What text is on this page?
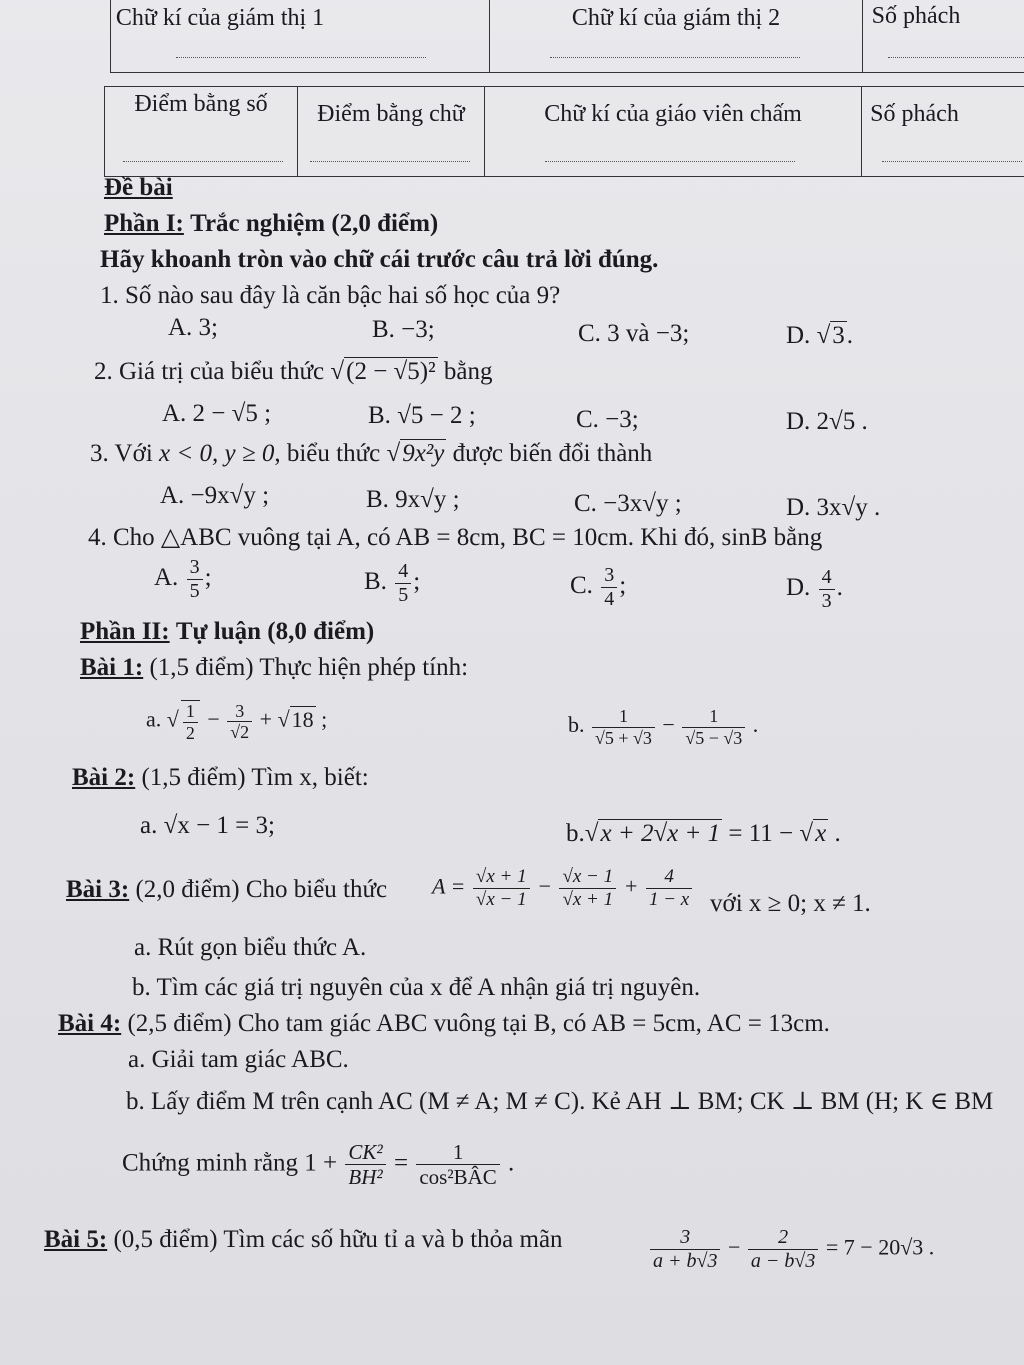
Chữ kí của giám thị 1	Chữ kí của giám thị 2	Số phách
Điểm bằng số	Điểm bằng chữ	Chữ kí của giáo viên chấm	Số phách
Đề bài
Phần I: Trắc nghiệm (2,0 điểm)
Hãy khoanh tròn vào chữ cái trước câu trả lời đúng.
1. Số nào sau đây là căn bậc hai số học của 9?
A. 3;	B. −3;	C. 3 và −3;	D. √3.
2. Giá trị của biểu thức √(2 − √5)² bằng
A. 2 − √5 ;	B. √5 − 2 ;	C. −3;	D. 2√5 .
3. Với x < 0, y ≥ 0, biểu thức √9x²y được biến đổi thành
A. −9x√y ;	B. 9x√y ;	C. −3x√y ;	D. 3x√y .
4. Cho △ABC vuông tại A, có AB = 8cm, BC = 10cm. Khi đó, sinB bằng
A. $\frac{3}{5}$ ;	B. $\frac{4}{5}$ ;	C. $\frac{3}{4}$ ;	D. $\frac{4}{3}$ .
Phần II: Tự luận (8,0 điểm)
Bài 1: (1,5 điểm) Thực hiện phép tính:
a. √ $\frac{1}{2} - \frac{3}{√2} + √18$ ;	b. $\frac{1}{√5 + √3} - \frac{1}{√5 - √3}$ .
Bài 2: (1,5 điểm) Tìm x, biết:
a. √x − 1 = 3;	b.√x + 2√x + 1 = 11 − √x .
Bài 3: (2,0 điểm) Cho biểu thức $A = \frac{√x + 1}{√x - 1} - \frac{√x - 1}{√x + 1} + \frac{4}{1 - x}$ với x ≥ 0; x ≠ 1.
a. Rút gọn biểu thức A.
b. Tìm các giá trị nguyên của x để A nhận giá trị nguyên.
Bài 4: (2,5 điểm) Cho tam giác ABC vuông tại B, có AB = 5cm, AC = 13cm.
a. Giải tam giác ABC.
b. Lấy điểm M trên cạnh AC (M ≠ A; M ≠ C). Kẻ AH ⊥ BM; CK ⊥ BM (H; K ∈ BM
Chứng minh rằng $1 + \frac{\text{CK²}}{\text{BH²}} = \frac{1}{\text{cos²BÂC}}$ .
Bài 5: (0,5 điểm) Tìm các số hữu tỉ a và b thỏa mãn	$\frac{3}{a + b√3} - \frac{2}{a - b√3} = 7 - 20√3$ .
